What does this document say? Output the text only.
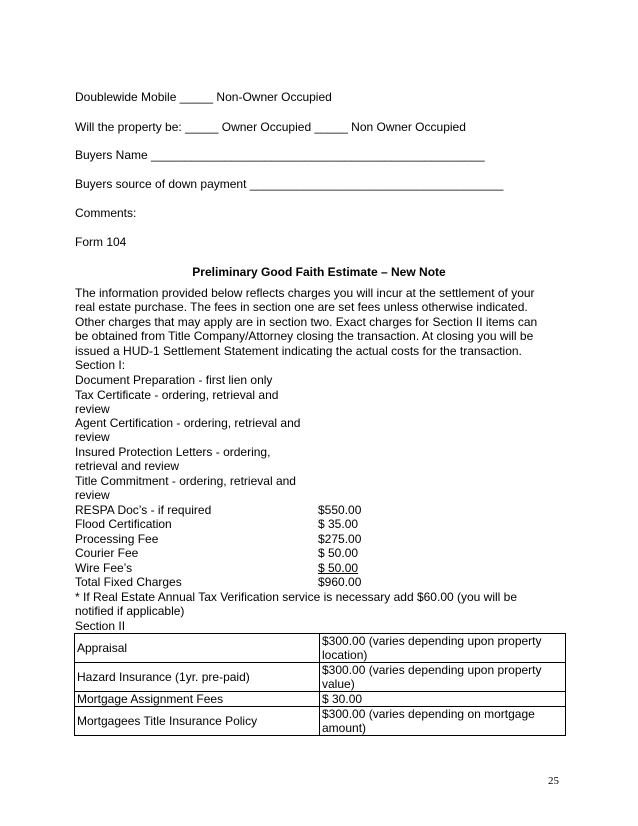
Doublewide Mobile _____ Non-Owner Occupied
Will the property be: _____ Owner Occupied _____ Non Owner Occupied
Buyers Name __________________________________________________
Buyers source of down payment ______________________________________
Comments:
Form 104
Preliminary Good Faith Estimate – New Note
The information provided below reflects charges you will incur at the settlement of your
real estate purchase. The fees in section one are set fees unless otherwise indicated.
Other charges that may apply are in section two. Exact charges for Section II items can
be obtained from Title Company/Attorney closing the transaction. At closing you will be
issued a HUD-1 Settlement Statement indicating the actual costs for the transaction.
Section I:
Document Preparation - first lien only
Tax Certificate - ordering, retrieval and review
Agent Certification - ordering, retrieval and review
Insured Protection Letters - ordering, retrieval and review
Title Commitment - ordering, retrieval and review
RESPA Doc’s - if required	$550.00
Flood Certification	$ 35.00
Processing Fee	$275.00
Courier Fee	$ 50.00
Wire Fee’s	$ 50.00
Total Fixed Charges	$960.00
* If Real Estate Annual Tax Verification service is necessary add $60.00 (you will be
notified if applicable)
Section II
Appraisal	$300.00 (varies depending upon property location)
Hazard Insurance (1yr. pre-paid)	$300.00 (varies depending upon property value)
Mortgage Assignment Fees	$ 30.00
Mortgagees Title Insurance Policy	$300.00 (varies depending on mortgage amount)
25
